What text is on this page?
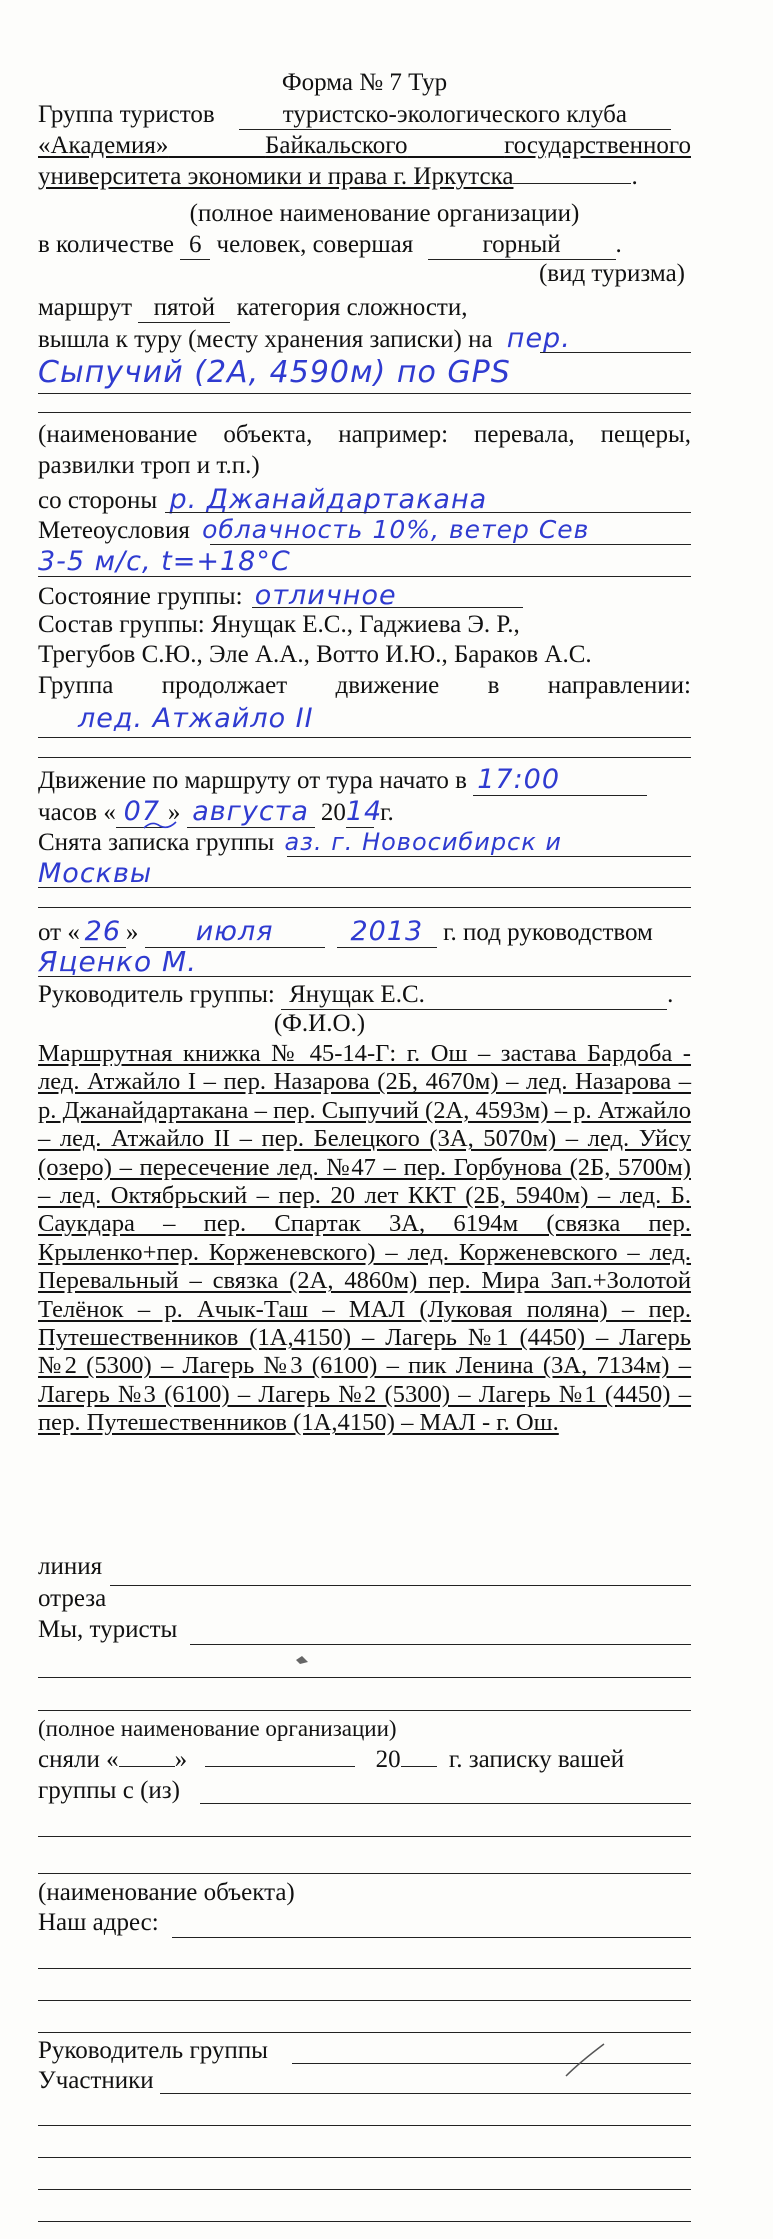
Форма № 7 Тур
Группа туристов	туристско-экологического клуба
«Академия»	Байкальского	государственного
университета экономики и права г. Иркутска	.
(полное наименование организации)
в количестве 6 человек, совершая	горный .
(вид туризма)
маршрут пятой категория сложности,
вышла к туру (месту хранения записки) на пер.
Сыпучий (2А, 4590м) по GPS
(наименование объекта, например: перевала, пещеры,
развилки троп и т.п.)
со стороны р. Джанайдартакана
Метеоусловия облачность 10%, ветер Сев
3-5 м/с, t=+18°С
Состояние группы: отличное
Состав группы: Янущак Е.С., Гаджиева Э. Р.,
Трегубов С.Ю., Эле А.А., Вотто И.Ю., Бараков А.С.
Группа продолжает движение в направлении:
лед. Атжайло II
Движение по маршруту от тура начато в 17:00
часов « 07 » августа 2014 г.
Снята записка группы аз. г. Новосибирск и
Москвы
от « 26 » июля	2013 г. под руководством
Яценко М.
Руководитель группы: Янущак Е.С.	.
(Ф.И.О.)
Маршрутная книжка № 45-14-Г: г. Ош – застава Бардоба - лед. Атжайло I – пер. Назарова (2Б, 4670м) – лед. Назарова – р. Джанайдартакана – пер. Сыпучий (2А, 4593м) – р. Атжайло – лед. Атжайло II – пер. Белецкого (3А, 5070м) – лед. Уйсу (озеро) – пересечение лед. №47 – пер. Горбунова (2Б, 5700м) – лед. Октябрьский – пер. 20 лет ККТ (2Б, 5940м) – лед. Б. Саукдара – пер. Спартак 3А, 6194м (связка пер. Крыленко+пер. Корженевского) – лед. Корженевского – лед. Перевальный – связка (2А, 4860м) пер. Мира Зап.+Золотой Телёнок – р. Ачык-Таш – МАЛ (Луковая поляна) – пер. Путешественников (1А,4150) – Лагерь №1 (4450) – Лагерь №2 (5300) – Лагерь №3 (6100) – пик Ленина (3А, 7134м) – Лагерь №3 (6100) – Лагерь №2 (5300) – Лагерь №1 (4450) – пер. Путешественников (1А,4150) – МАЛ - г. Ош.
линия
отреза
Мы, туристы
(полное наименование организации)
сняли « »	20 г. записку вашей
группы с (из)
(наименование объекта)
Наш адрес:
Руководитель группы
Участники
